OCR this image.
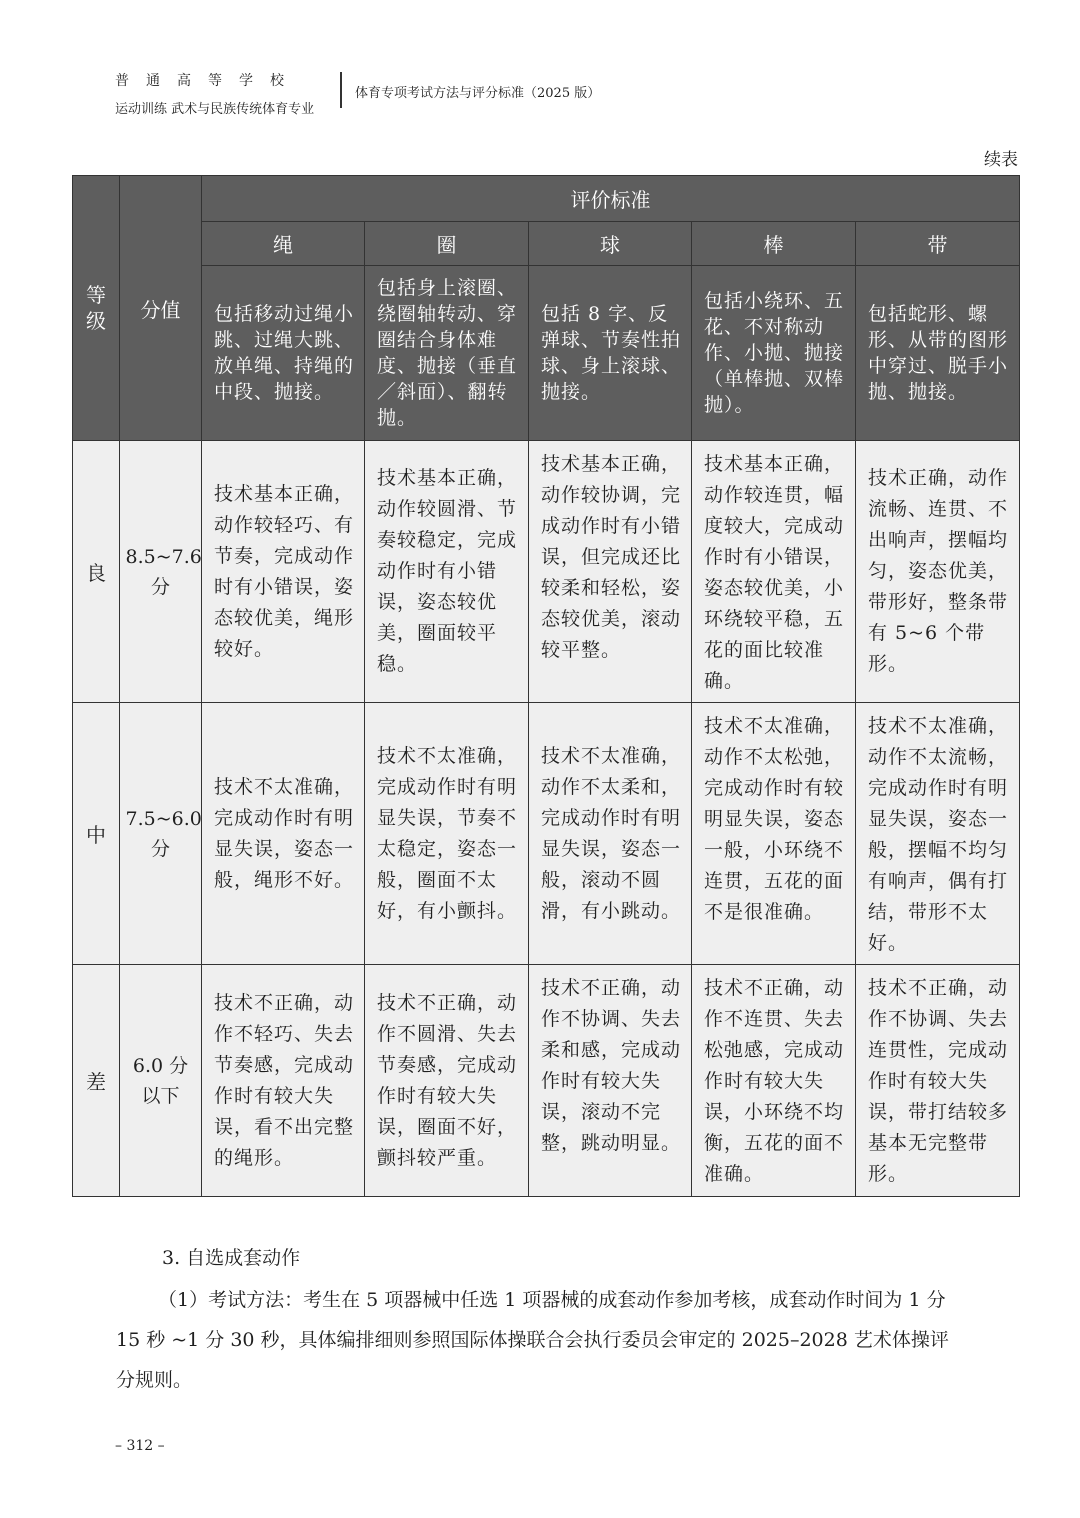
普通高等学校
运动训练 武术与民族传统体育专业
体育专项考试方法与评分标准（2025 版）
续表
等级	分值	评价标准				
		绳	圈	球	棒	带
		包括移动过绳小跳、过绳大跳、放单绳、持绳的中段、抛接。	包括身上滚圈、绕圈轴转动、穿圈结合身体难度、抛接（垂直／斜面）、翻转抛。	包括 8 字、反弹球、节奏性拍球、身上滚球、抛接。	包括小绕环、五花、不对称动作、小抛、抛接（单棒抛、双棒抛）。	包括蛇形、螺形、从带的图形中穿过、脱手小抛、抛接。
良	8.5~7.6 分	技术基本正确，动作较轻巧、有节奏，完成动作时有小错误，姿态较优美，绳形较好。	技术基本正确，动作较圆滑、节奏较稳定，完成动作时有小错误，姿态较优美，圈面较平稳。	技术基本正确，动作较协调，完成动作时有小错误，但完成还比较柔和轻松，姿态较优美，滚动较平整。	技术基本正确，动作较连贯，幅度较大，完成动作时有小错误，姿态较优美，小环绕较平稳，五花的面比较准确。	技术正确，动作流畅、连贯、不出响声，摆幅均匀，姿态优美，带形好，整条带有 5~6 个带形。
中	7.5~6.0 分	技术不太准确，完成动作时有明显失误，姿态一般，绳形不好。	技术不太准确，完成动作时有明显失误，节奏不太稳定，姿态一般，圈面不太好，有小颤抖。	技术不太准确，动作不太柔和，完成动作时有明显失误，姿态一般，滚动不圆滑，有小跳动。	技术不太准确，动作不太松弛，完成动作时有较明显失误，姿态一般，小环绕不连贯，五花的面不是很准确。	技术不太准确，动作不太流畅，完成动作时有明显失误，姿态一般，摆幅不均匀有响声，偶有打结，带形不太好。
差	6.0 分以下	技术不正确，动作不轻巧、失去节奏感，完成动作时有较大失误，看不出完整的绳形。	技术不正确，动作不圆滑、失去节奏感，完成动作时有较大失误，圈面不好，颤抖较严重。	技术不正确，动作不协调、失去柔和感，完成动作时有较大失误，滚动不完整，跳动明显。	技术不正确，动作不连贯、失去松弛感，完成动作时有较大失误，小环绕不均衡，五花的面不准确。	技术不正确，动作不协调、失去连贯性，完成动作时有较大失误，带打结较多基本无完整带形。
3. 自选成套动作

（1）考试方法：考生在 5 项器械中任选 1 项器械的成套动作参加考核，成套动作时间为 1 分 15 秒 ~1 分 30 秒，具体编排细则参照国际体操联合会执行委员会审定的 2025–2028 艺术体操评分规则。

– 312 –
